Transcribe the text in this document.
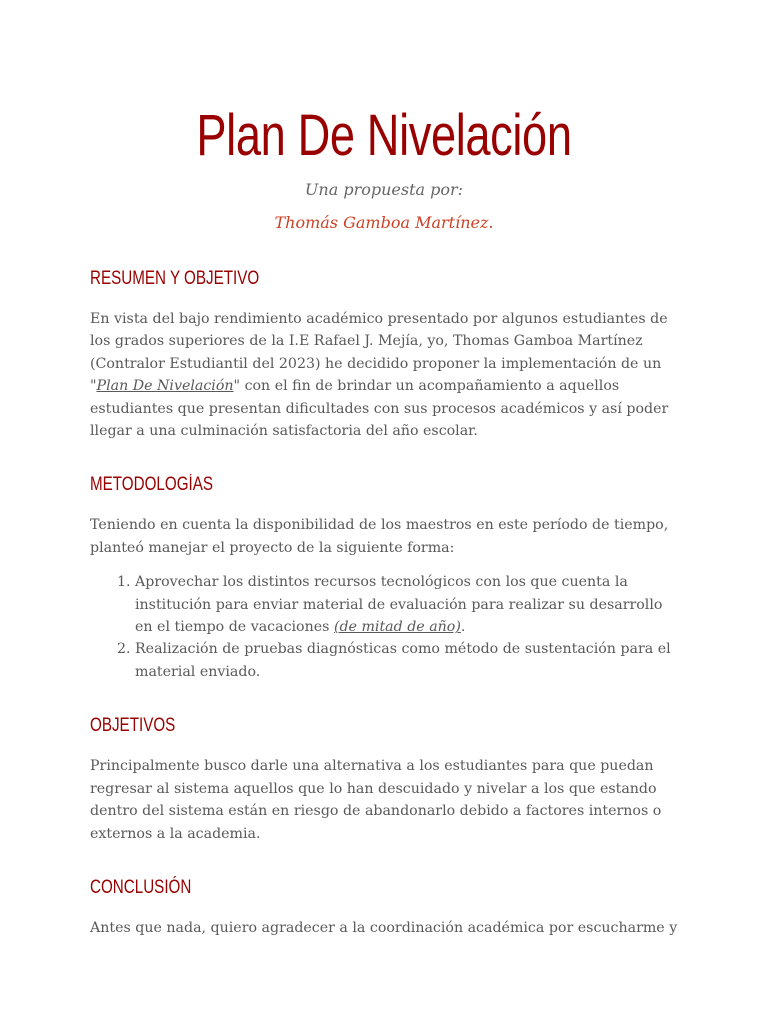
Plan De Nivelación
Una propuesta por:
Thomás Gamboa Martínez.
RESUMEN Y OBJETIVO

En vista del bajo rendimiento académico presentado por algunos estudiantes de los grados superiores de la I.E Rafael J. Mejía, yo, Thomas Gamboa Martínez (Contralor Estudiantil del 2023) he decidido proponer la implementación de un "Plan De Nivelación" con el fin de brindar un acompañamiento a aquellos estudiantes que presentan dificultades con sus procesos académicos y así poder llegar a una culminación satisfactoria del año escolar.

METODOLOGÍAS

Teniendo en cuenta la disponibilidad de los maestros en este período de tiempo, planteó manejar el proyecto de la siguiente forma:

1. Aprovechar los distintos recursos tecnológicos con los que cuenta la institución para enviar material de evaluación para realizar su desarrollo en el tiempo de vacaciones (de mitad de año).
2. Realización de pruebas diagnósticas como método de sustentación para el material enviado.
OBJETIVOS

Principalmente busco darle una alternativa a los estudiantes para que puedan regresar al sistema aquellos que lo han descuidado y nivelar a los que estando dentro del sistema están en riesgo de abandonarlo debido a factores internos o externos a la academia.

CONCLUSIÓN

Antes que nada, quiero agradecer a la coordinación académica por escucharme y
